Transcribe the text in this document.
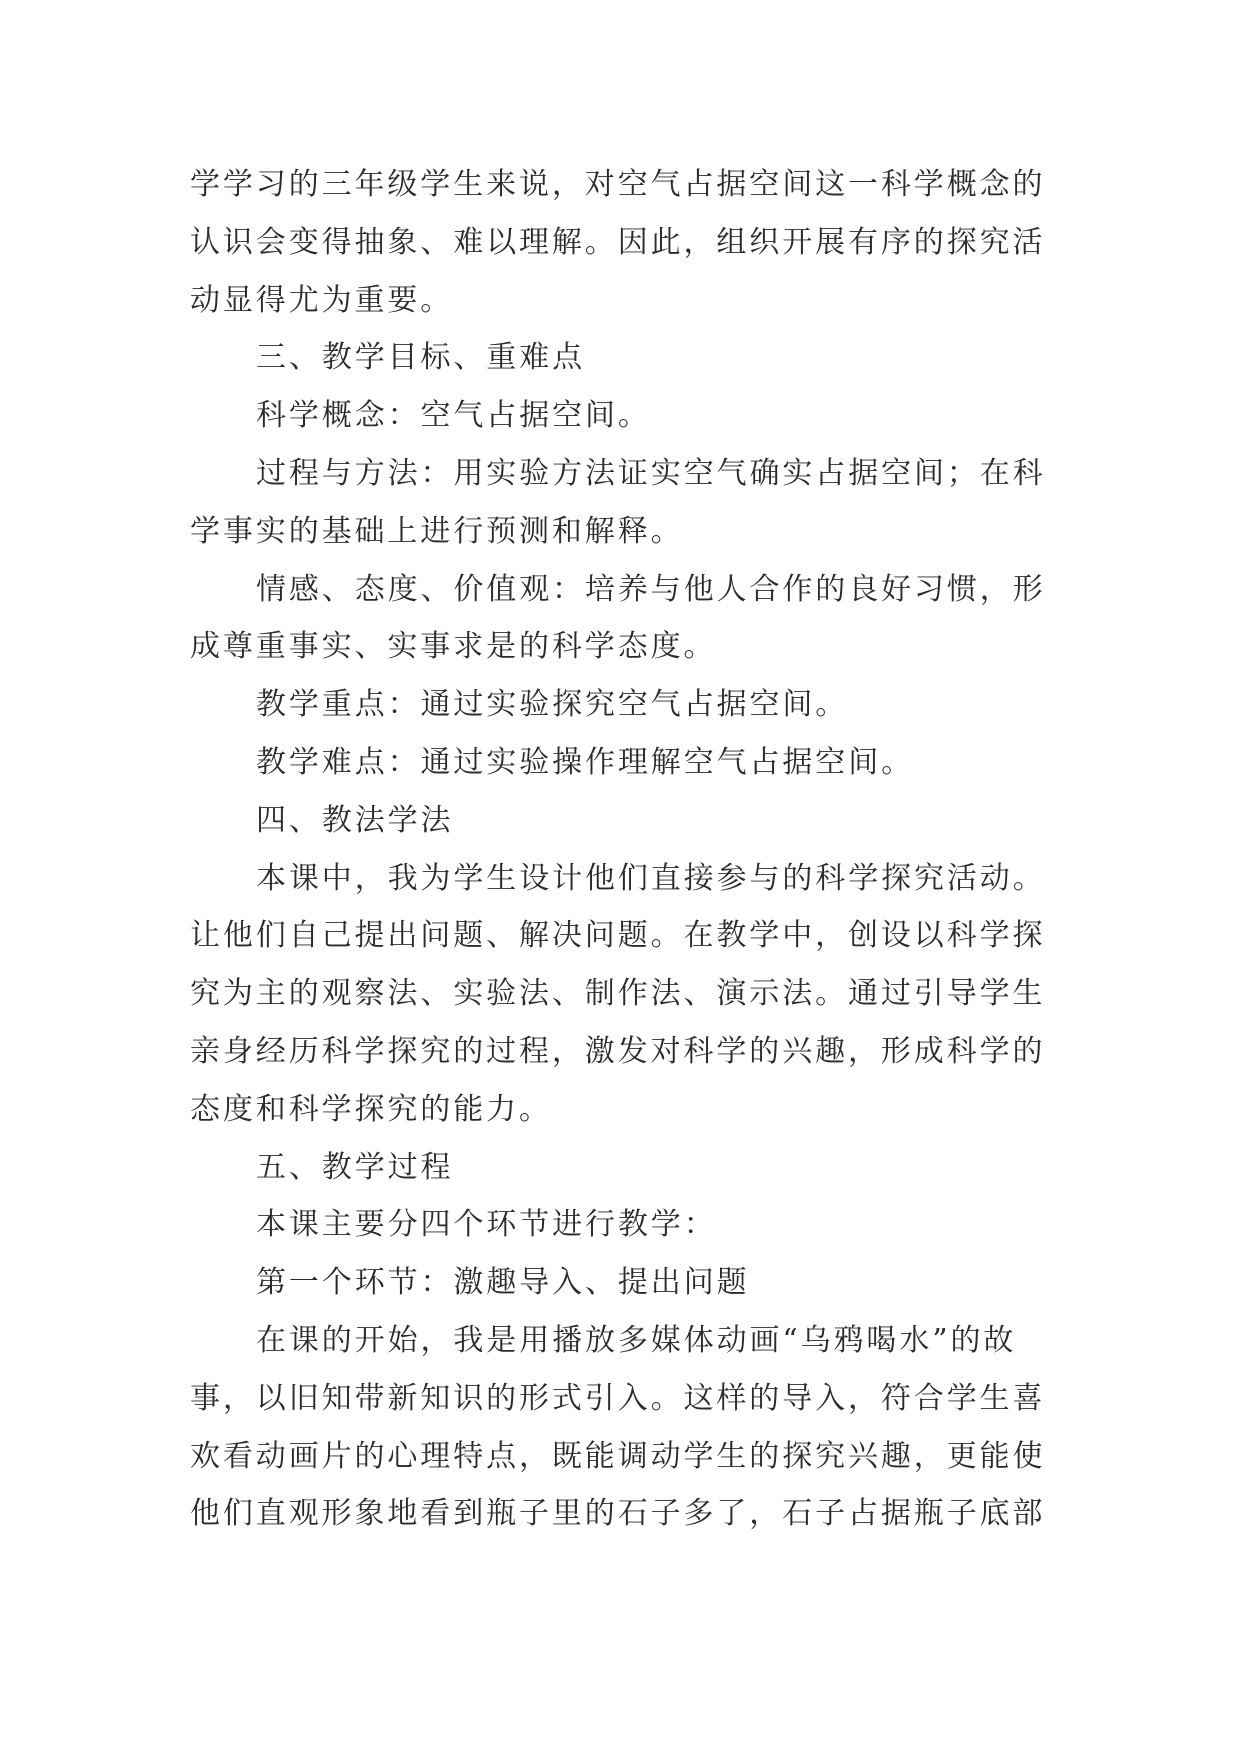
学学习的三年级学生来说，对空气占据空间这一科学概念的
认识会变得抽象、难以理解。因此，组织开展有序的探究活
动显得尤为重要。

三、教学目标、重难点

科学概念：空气占据空间。

过程与方法：用实验方法证实空气确实占据空间；在科
学事实的基础上进行预测和解释。

情感、态度、价值观：培养与他人合作的良好习惯，形
成尊重事实、实事求是的科学态度。

教学重点：通过实验探究空气占据空间。

教学难点：通过实验操作理解空气占据空间。

四、教法学法

本课中，我为学生设计他们直接参与的科学探究活动。
让他们自己提出问题、解决问题。在教学中，创设以科学探
究为主的观察法、实验法、制作法、演示法。通过引导学生
亲身经历科学探究的过程，激发对科学的兴趣，形成科学的
态度和科学探究的能力。

五、教学过程

本课主要分四个环节进行教学：

第一个环节：激趣导入、提出问题

在课的开始，我是用播放多媒体动画“乌鸦喝水”的故
事，以旧知带新知识的形式引入。这样的导入，符合学生喜
欢看动画片的心理特点，既能调动学生的探究兴趣，更能使
他们直观形象地看到瓶子里的石子多了，石子占据瓶子底部
